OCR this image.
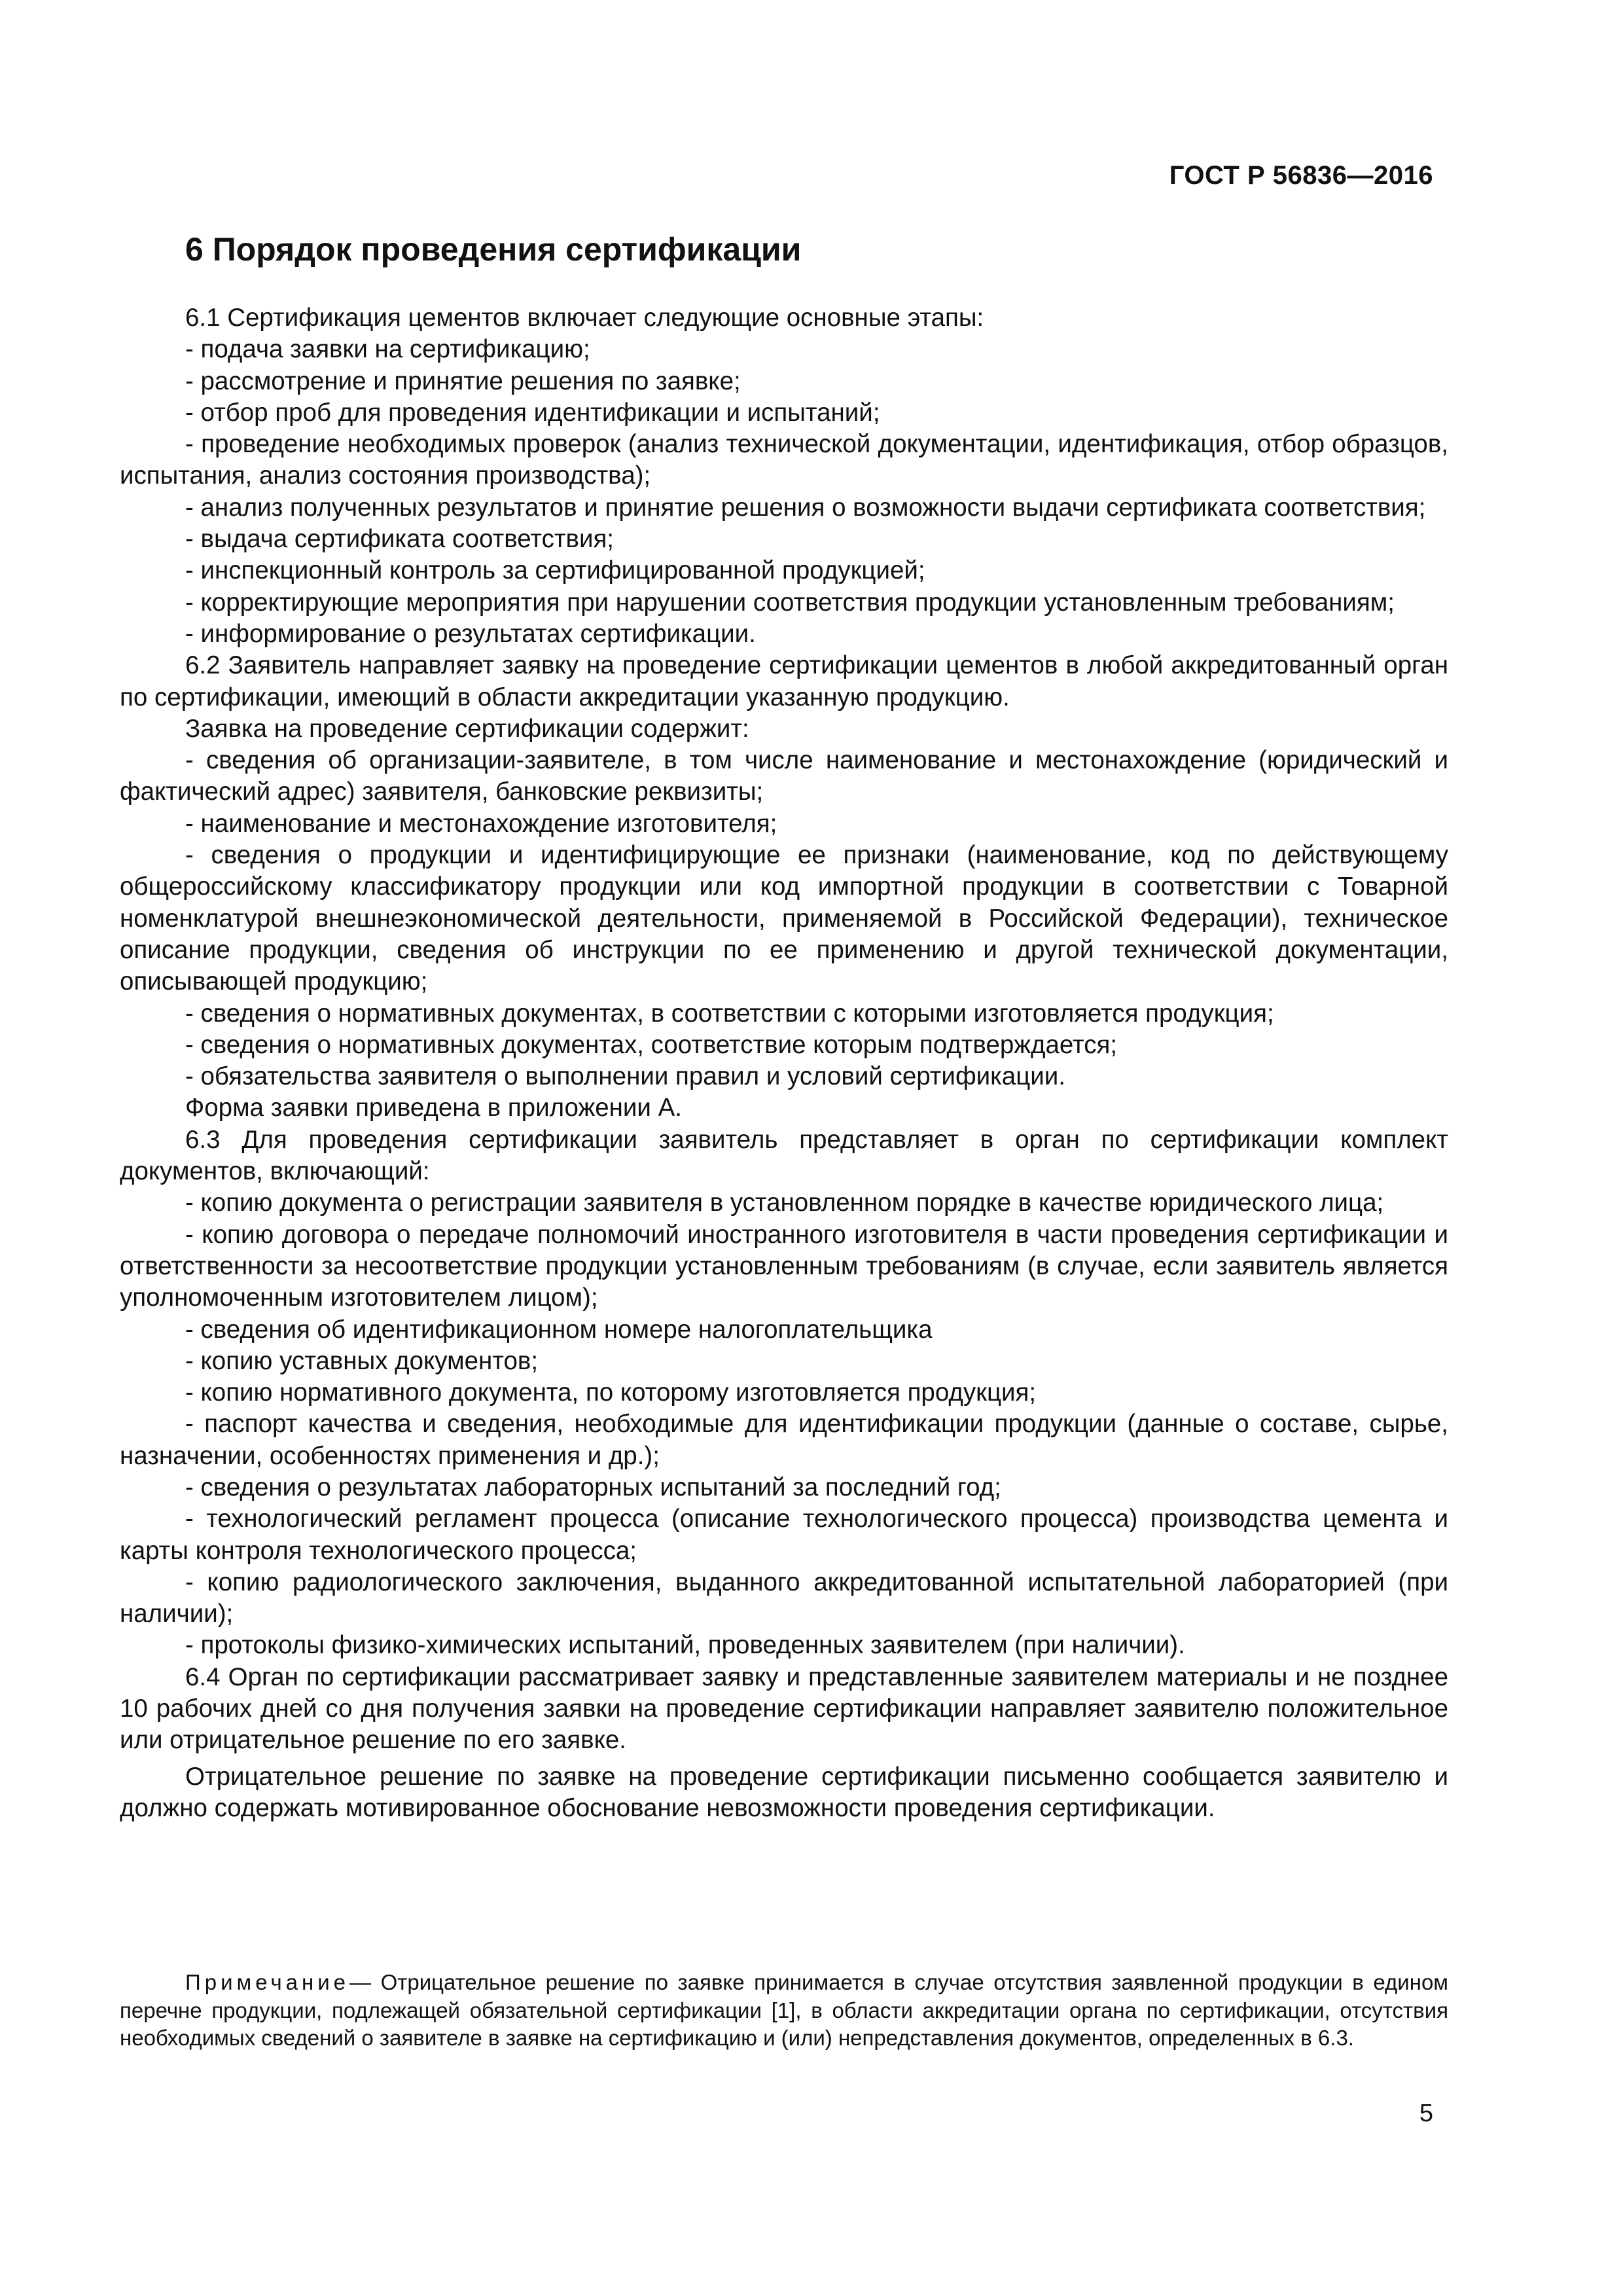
ГОСТ Р 56836—2016
6 Порядок проведения сертификации

6.1 Сертификация цементов включает следующие основные этапы:

- подача заявки на сертификацию;

- рассмотрение и принятие решения по заявке;

- отбор проб для проведения идентификации и испытаний;

- проведение необходимых проверок (анализ технической документации, идентификация, отбор образцов, испытания, анализ состояния производства);

- анализ полученных результатов и принятие решения о возможности выдачи сертификата соответствия;

- выдача сертификата соответствия;

- инспекционный контроль за сертифицированной продукцией;

- корректирующие мероприятия при нарушении соответствия продукции установленным требованиям;

- информирование о результатах сертификации.

6.2 Заявитель направляет заявку на проведение сертификации цементов в любой аккредитованный орган по сертификации, имеющий в области аккредитации указанную продукцию.

Заявка на проведение сертификации содержит:

- сведения об организации-заявителе, в том числе наименование и местонахождение (юридический и фактический адрес) заявителя, банковские реквизиты;

- наименование и местонахождение изготовителя;

- сведения о продукции и идентифицирующие ее признаки (наименование, код по действующему общероссийскому классификатору продукции или код импортной продукции в соответствии с Товарной номенклатурой внешнеэкономической деятельности, применяемой в Российской Федерации), техническое описание продукции, сведения об инструкции по ее применению и другой технической документации, описывающей продукцию;

- сведения о нормативных документах, в соответствии с которыми изготовляется продукция;

- сведения о нормативных документах, соответствие которым подтверждается;

- обязательства заявителя о выполнении правил и условий сертификации.

Форма заявки приведена в приложении А.

6.3 Для проведения сертификации заявитель представляет в орган по сертификации комплект документов, включающий:

- копию документа о регистрации заявителя в установленном порядке в качестве юридического лица;

- копию договора о передаче полномочий иностранного изготовителя в части проведения сертификации и ответственности за несоответствие продукции установленным требованиям (в случае, если заявитель является уполномоченным изготовителем лицом);

- сведения об идентификационном номере налогоплательщика

- копию уставных документов;

- копию нормативного документа, по которому изготовляется продукция;

- паспорт качества и сведения, необходимые для идентификации продукции (данные о составе, сырье, назначении, особенностях применения и др.);

- сведения о результатах лабораторных испытаний за последний год;

- технологический регламент процесса (описание технологического процесса) производства цемента и карты контроля технологического процесса;

- копию радиологического заключения, выданного аккредитованной испытательной лабораторией (при наличии);

- протоколы физико-химических испытаний, проведенных заявителем (при наличии).

6.4 Орган по сертификации рассматривает заявку и представленные заявителем материалы и не позднее 10 рабочих дней со дня получения заявки на проведение сертификации направляет заявителю положительное или отрицательное решение по его заявке.

Отрицательное решение по заявке на проведение сертификации письменно сообщается заявителю и должно содержать мотивированное обоснование невозможности проведения сертификации.

Примечание— Отрицательное решение по заявке принимается в случае отсутствия заявленной продукции в едином перечне продукции, подлежащей обязательной сертификации [1], в области аккредитации органа по сертификации, отсутствия необходимых сведений о заявителе в заявке на сертификацию и (или) непредставления документов, определенных в 6.3.

5
